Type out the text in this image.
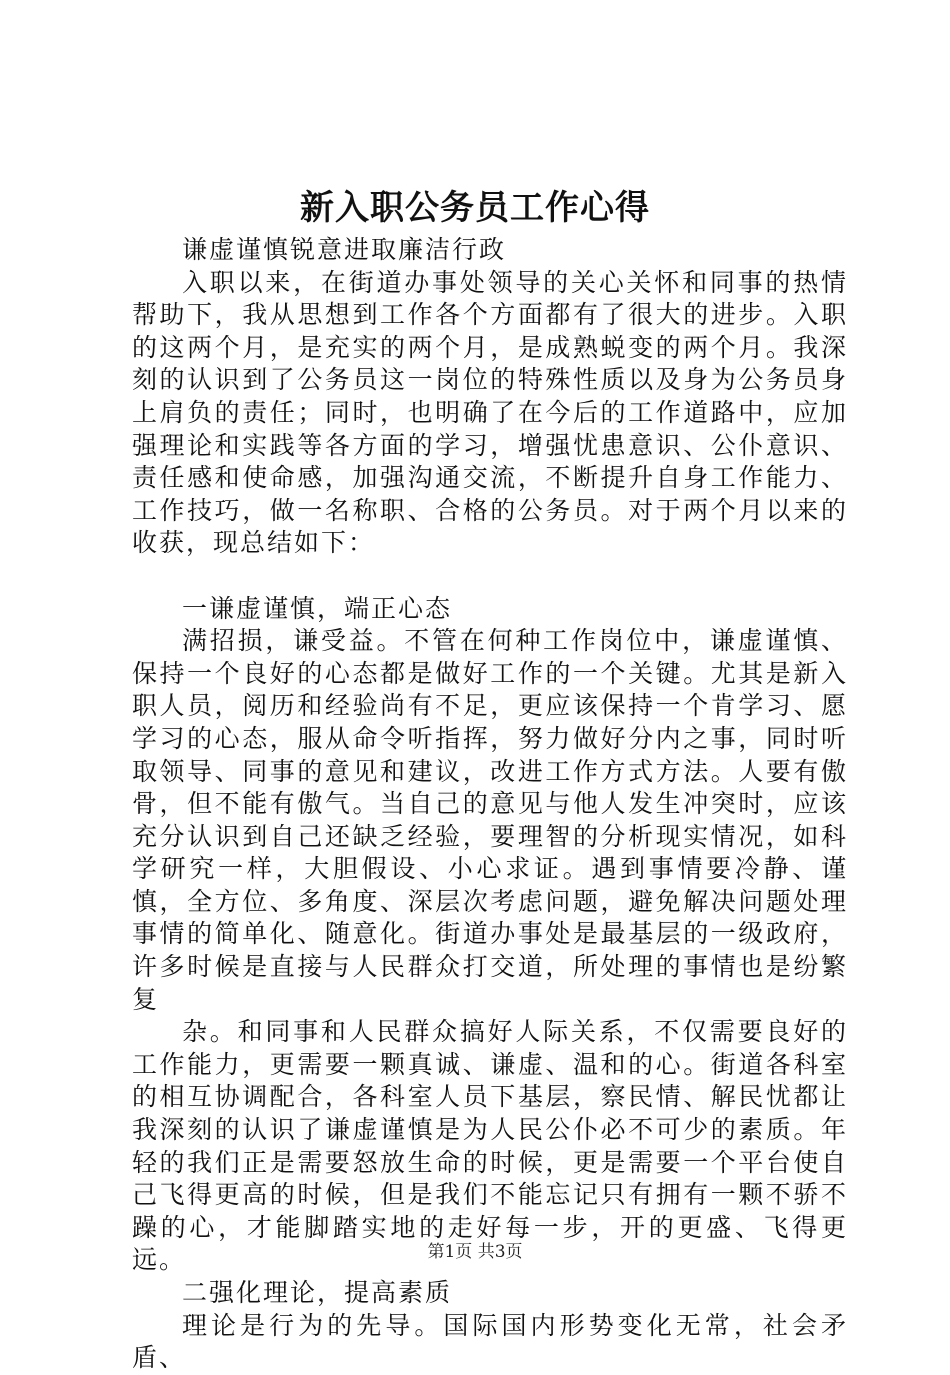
新入职公务员工作心得

谦虚谨慎锐意进取廉洁行政

入职以来，在街道办事处领导的关心关怀和同事的热情帮助下，我从思想到工作各个方面都有了很大的进步。入职的这两个月，是充实的两个月，是成熟蜕变的两个月。我深刻的认识到了公务员这一岗位的特殊性质以及身为公务员身上肩负的责任；同时，也明确了在今后的工作道路中，应加强理论和实践等各方面的学习，增强忧患意识、公仆意识、责任感和使命感，加强沟通交流，不断提升自身工作能力、工作技巧，做一名称职、合格的公务员。对于两个月以来的收获，现总结如下：

一谦虚谨慎，端正心态

满招损，谦受益。不管在何种工作岗位中，谦虚谨慎、保持一个良好的心态都是做好工作的一个关键。尤其是新入职人员，阅历和经验尚有不足，更应该保持一个肯学习、愿学习的心态，服从命令听指挥，努力做好分内之事，同时听取领导、同事的意见和建议，改进工作方式方法。人要有傲骨，但不能有傲气。当自己的意见与他人发生冲突时，应该充分认识到自己还缺乏经验，要理智的分析现实情况，如科学研究一样，大胆假设、小心求证。遇到事情要冷静、谨慎，全方位、多角度、深层次考虑问题，避免解决问题处理事情的简单化、随意化。街道办事处是最基层的一级政府，许多时候是直接与人民群众打交道，所处理的事情也是纷繁复

杂。和同事和人民群众搞好人际关系，不仅需要良好的工作能力，更需要一颗真诚、谦虚、温和的心。街道各科室的相互协调配合，各科室人员下基层，察民情、解民忧都让我深刻的认识了谦虚谨慎是为人民公仆必不可少的素质。年轻的我们正是需要怒放生命的时候，更是需要一个平台使自己飞得更高的时候，但是我们不能忘记只有拥有一颗不骄不躁的心，才能脚踏实地的走好每一步，开的更盛、飞得更远。

二强化理论，提高素质

理论是行为的先导。国际国内形势变化无常，社会矛盾、

第1页 共3页
